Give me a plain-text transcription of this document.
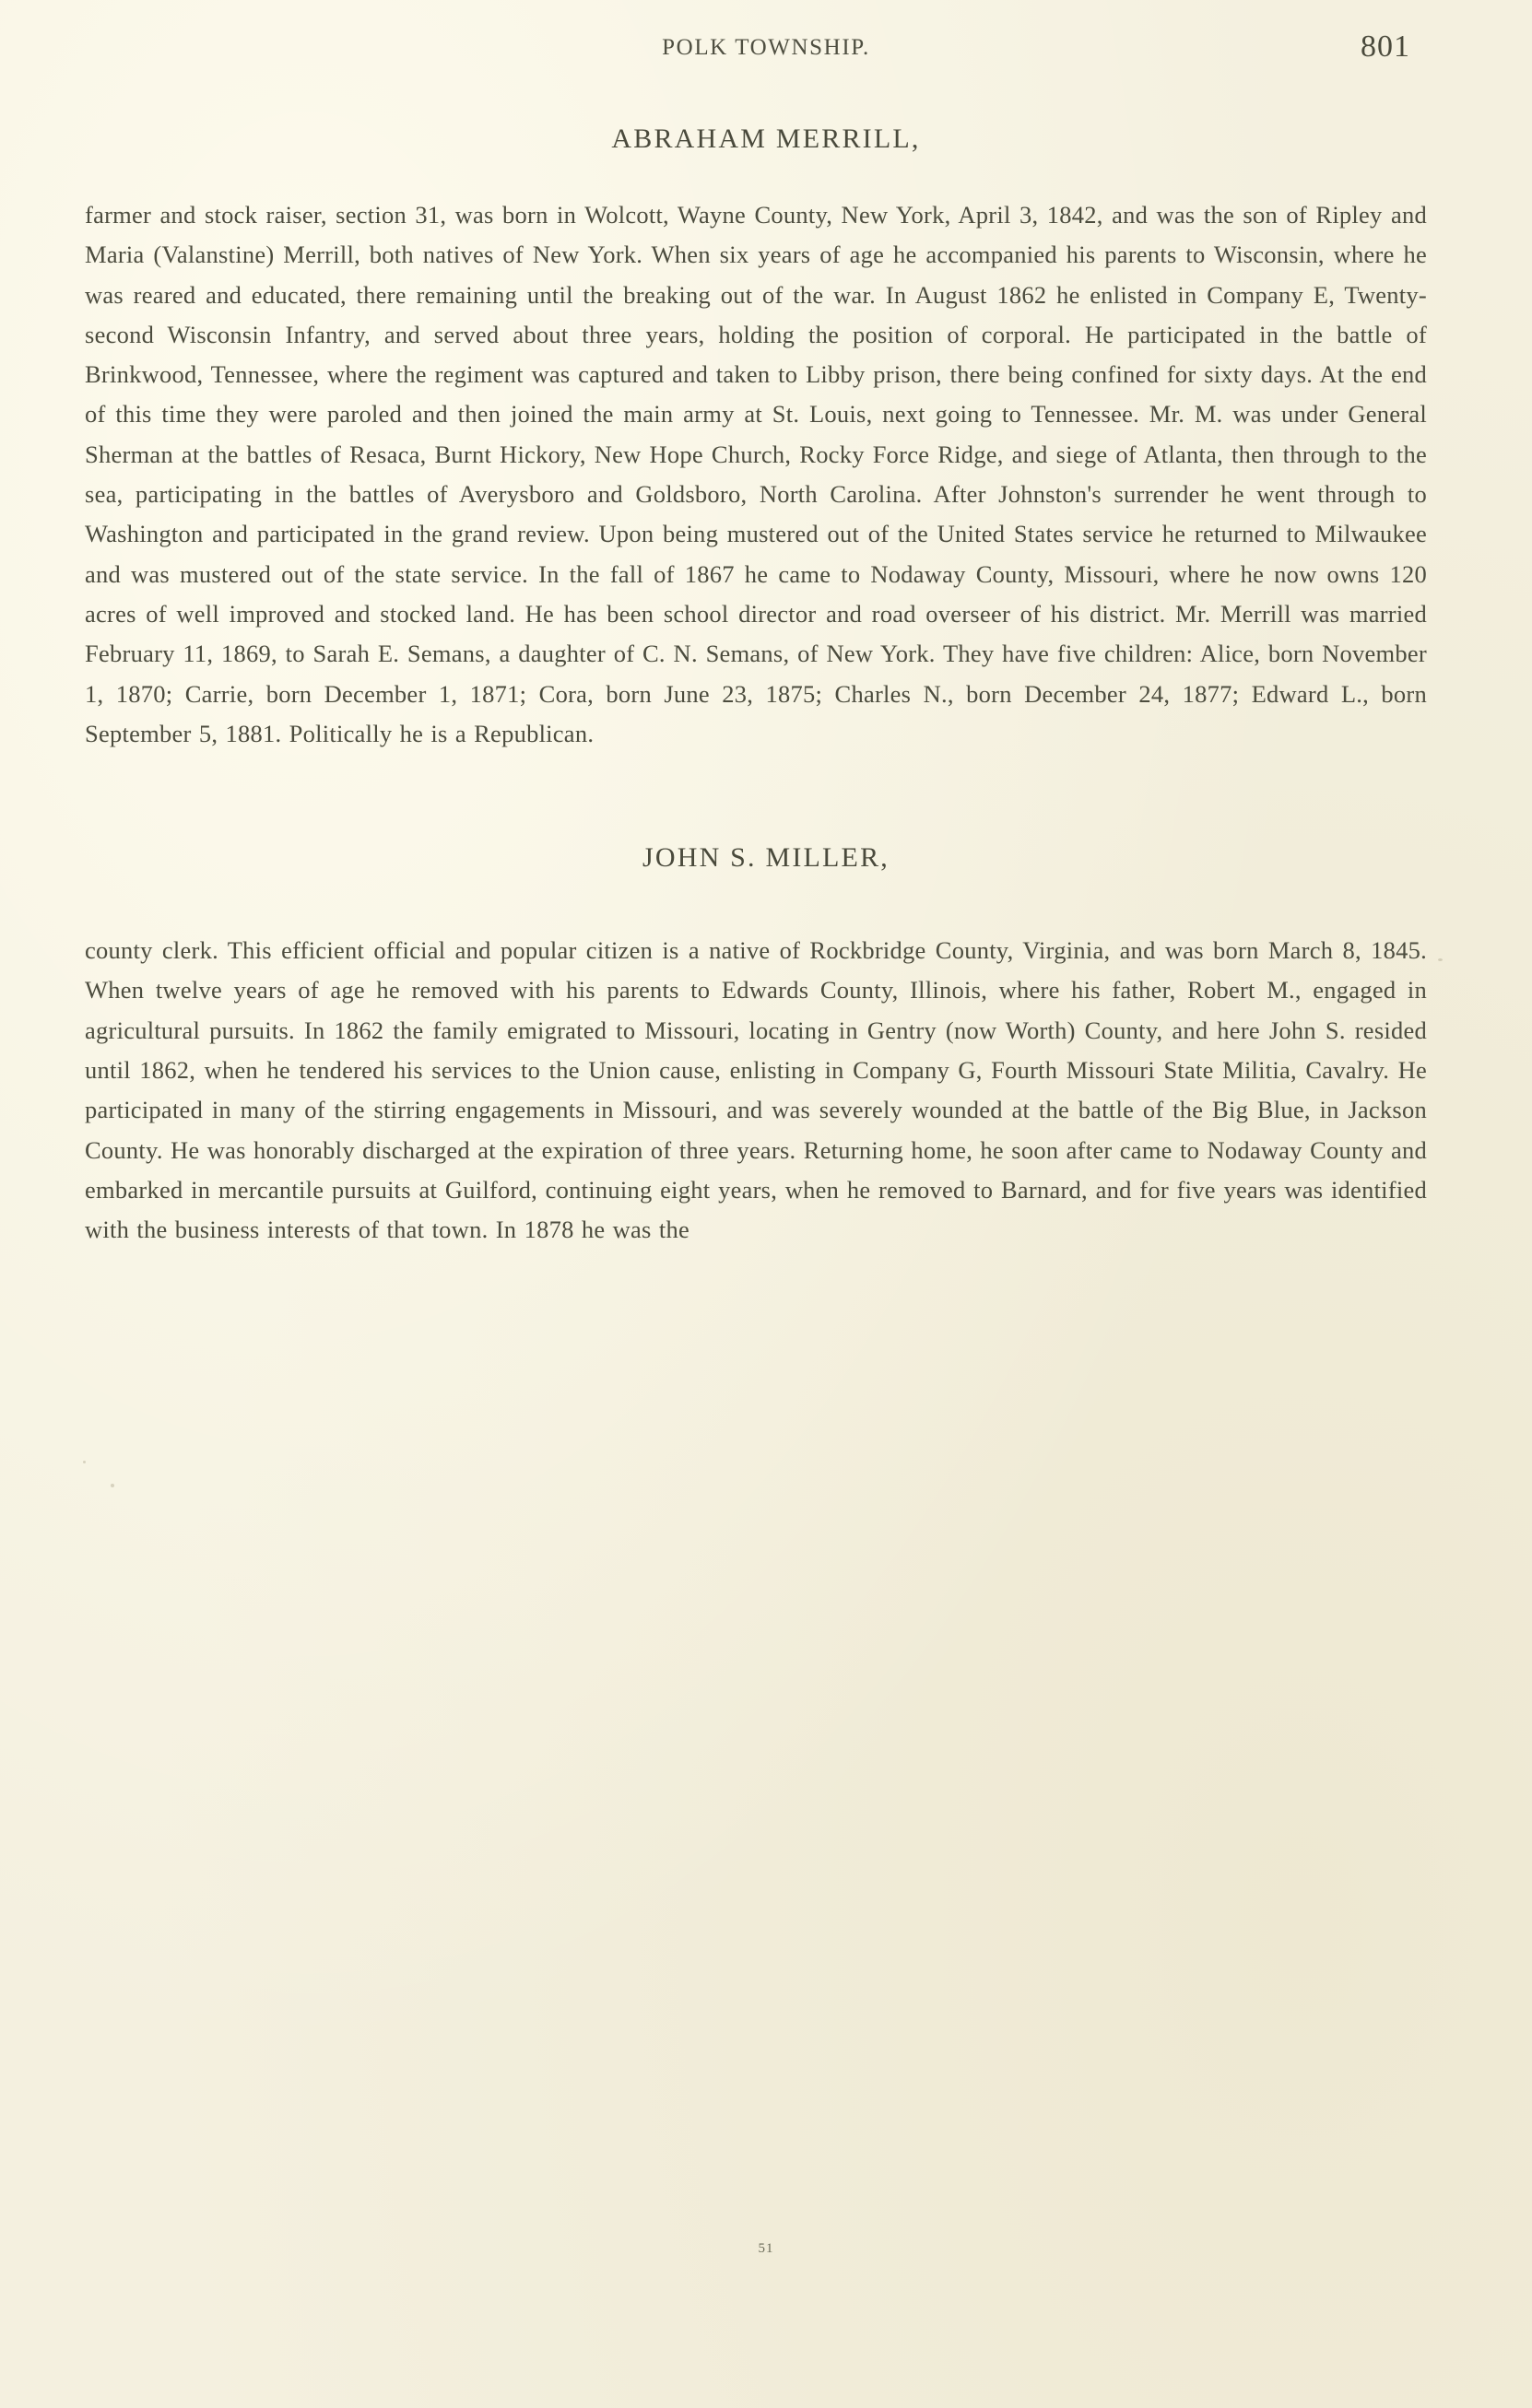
POLK TOWNSHIP.	801
ABRAHAM MERRILL,

farmer and stock raiser, section 31, was born in Wolcott, Wayne County, New York, April 3, 1842, and was the son of Ripley and Maria (Valanstine) Merrill, both natives of New York. When six years of age he accompanied his parents to Wisconsin, where he was reared and educated, there remaining until the breaking out of the war. In August 1862 he enlisted in Company E, Twenty-second Wisconsin Infantry, and served about three years, holding the position of corporal. He participated in the battle of Brinkwood, Tennessee, where the regiment was captured and taken to Libby prison, there being confined for sixty days. At the end of this time they were paroled and then joined the main army at St. Louis, next going to Tennessee. Mr. M. was under General Sherman at the battles of Resaca, Burnt Hickory, New Hope Church, Rocky Force Ridge, and siege of Atlanta, then through to the sea, participating in the battles of Averysboro and Goldsboro, North Carolina. After Johnston's surrender he went through to Washington and participated in the grand review. Upon being mustered out of the United States service he returned to Milwaukee and was mustered out of the state service. In the fall of 1867 he came to Nodaway County, Missouri, where he now owns 120 acres of well improved and stocked land. He has been school director and road overseer of his district. Mr. Merrill was married February 11, 1869, to Sarah E. Semans, a daughter of C. N. Semans, of New York. They have five children: Alice, born November 1, 1870; Carrie, born December 1, 1871; Cora, born June 23, 1875; Charles N., born December 24, 1877; Edward L., born September 5, 1881. Politically he is a Republican.

JOHN S. MILLER,

county clerk. This efficient official and popular citizen is a native of Rockbridge County, Virginia, and was born March 8, 1845. When twelve years of age he removed with his parents to Edwards County, Illinois, where his father, Robert M., engaged in agricultural pursuits. In 1862 the family emigrated to Missouri, locating in Gentry (now Worth) County, and here John S. resided until 1862, when he tendered his services to the Union cause, enlisting in Company G, Fourth Missouri State Militia, Cavalry. He participated in many of the stirring engagements in Missouri, and was severely wounded at the battle of the Big Blue, in Jackson County. He was honorably discharged at the expiration of three years. Returning home, he soon after came to Nodaway County and embarked in mercantile pursuits at Guilford, continuing eight years, when he removed to Barnard, and for five years was identified with the business interests of that town. In 1878 he was the

51
